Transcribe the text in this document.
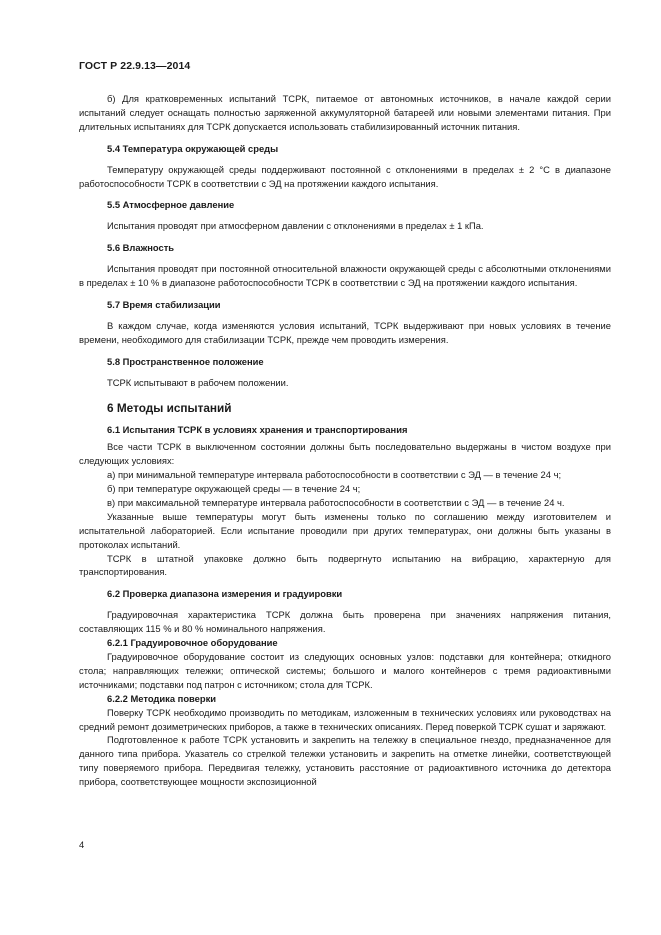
ГОСТ Р 22.9.13—2014

б) Для кратковременных испытаний ТСРК, питаемое от автономных источников, в начале каждой серии испытаний следует оснащать полностью заряженной аккумуляторной батареей или новыми элементами питания. При длительных испытаниях для ТСРК допускается использовать стабилизированный источник питания.

5.4 Температура окружающей среды

Температуру окружающей среды поддерживают постоянной с отклонениями в пределах ± 2 °С в диапазоне работоспособности ТСРК в соответствии с ЭД на протяжении каждого испытания.

5.5 Атмосферное давление

Испытания проводят при атмосферном давлении с отклонениями в пределах ± 1 кПа.

5.6 Влажность

Испытания проводят при постоянной относительной влажности окружающей среды с абсолютными отклонениями в пределах ± 10 % в диапазоне работоспособности ТСРК в соответствии с ЭД на протяжении каждого испытания.

5.7 Время стабилизации

В каждом случае, когда изменяются условия испытаний, ТСРК выдерживают при новых условиях в течение времени, необходимого для стабилизации ТСРК, прежде чем проводить измерения.

5.8 Пространственное положение

ТСРК испытывают в рабочем положении.

6 Методы испытаний
6.1 Испытания ТСРК в условиях хранения и транспортирования

Все части ТСРК в выключенном состоянии должны быть последовательно выдержаны в чистом воздухе при следующих условиях:

а) при минимальной температуре интервала работоспособности в соответствии с ЭД — в течение 24 ч;

б) при температуре окружающей среды — в течение 24 ч;

в) при максимальной температуре интервала работоспособности в соответствии с ЭД — в течение 24 ч.

Указанные выше температуры могут быть изменены только по соглашению между изготовителем и испытательной лабораторией. Если испытание проводили при других температурах, они должны быть указаны в протоколах испытаний.

ТСРК в штатной упаковке должно быть подвергнуто испытанию на вибрацию, характерную для транспортирования.

6.2 Проверка диапазона измерения и градуировки

Градуировочная характеристика ТСРК должна быть проверена при значениях напряжения питания, составляющих 115 % и 80 % номинального напряжения.

6.2.1 Градуировочное оборудование

Градуировочное оборудование состоит из следующих основных узлов: подставки для контейнера; откидного стола; направляющих тележки; оптической системы; большого и малого контейнеров с тремя радиоактивными источниками; подставки под патрон с источником; стола для ТСРК.

6.2.2 Методика поверки

Поверку ТСРК необходимо производить по методикам, изложенным в технических условиях или руководствах на средний ремонт дозиметрических приборов, а также в технических описаниях. Перед поверкой ТСРК сушат и заряжают.

Подготовленное к работе ТСРК установить и закрепить на тележку в специальное гнездо, предназначенное для данного типа прибора. Указатель со стрелкой тележки установить и закрепить на отметке линейки, соответствующей типу поверяемого прибора. Передвигая тележку, установить расстояние от радиоактивного источника до детектора прибора, соответствующее мощности экспозиционной

4
